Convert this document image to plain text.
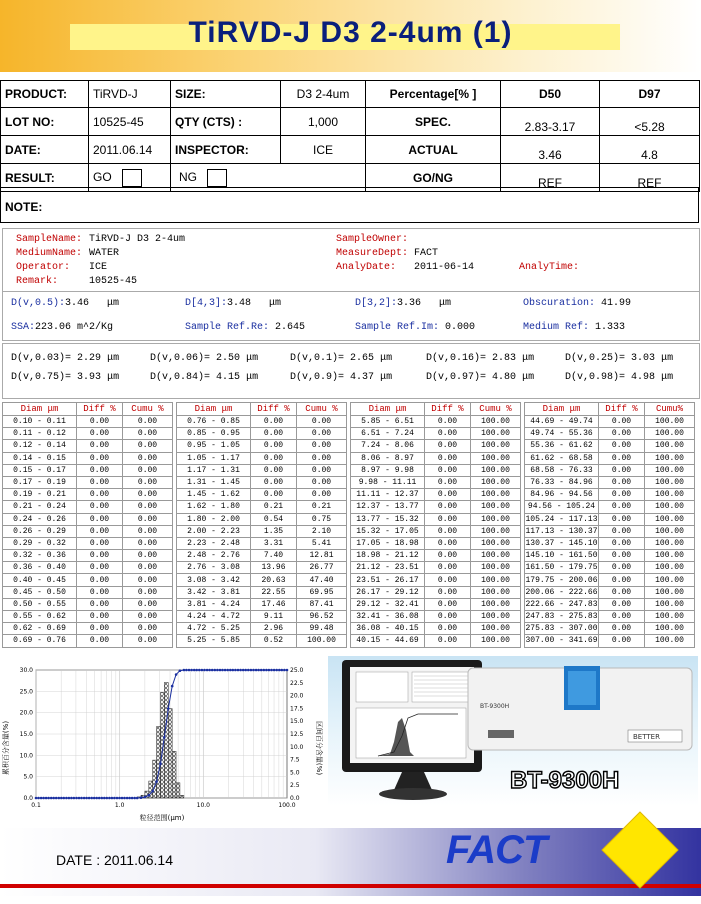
TiRVD-J D3 2-4um (1)
PRODUCT:	TiRVD-J	SIZE:	D3 2-4um	Percentage[% ]	D50	D97
LOT NO:	10525-45	QTY (CTS) :	1,000	SPEC.	2.83-3.17	<5.28
DATE:	2011.06.14	INSPECTOR:	ICE	ACTUAL	3.46	4.8
RESULT:	GO	NG		GO/NG	REF	REF
NOTE:
SampleName: TiRVD-J D3 2-4um
MediumName: WATER
Operator: ICE
Remark:	10525-45
SampleOwner:
MeasureDept: FACT
AnalyDate: 2011-06-14	AnalyTime:
D(v,0.5):3.46 μm	D[4,3]:3.48 μm	D[3,2]:3.36 μm	Obscuration: 41.99
SSA:223.06 m^2/Kg	Sample Ref.Re: 2.645	Sample Ref.Im: 0.000	Medium Ref: 1.333
D(v,0.03)= 2.29 μm	D(v,0.06)= 2.50 μm	D(v,0.1)= 2.65 μm	D(v,0.16)= 2.83 μm	D(v,0.25)= 3.03 μm
D(v,0.75)= 3.93 μm	D(v,0.84)= 4.15 μm	D(v,0.9)= 4.37 μm	D(v,0.97)= 4.80 μm	D(v,0.98)= 4.98 μm
Diam μm	Diff %	Cumu %
0.10 - 0.11	0.00	0.00
0.11 - 0.12	0.00	0.00
0.12 - 0.14	0.00	0.00
0.14 - 0.15	0.00	0.00
0.15 - 0.17	0.00	0.00
0.17 - 0.19	0.00	0.00
0.19 - 0.21	0.00	0.00
0.21 - 0.24	0.00	0.00
0.24 - 0.26	0.00	0.00
0.26 - 0.29	0.00	0.00
0.29 - 0.32	0.00	0.00
0.32 - 0.36	0.00	0.00
0.36 - 0.40	0.00	0.00
0.40 - 0.45	0.00	0.00
0.45 - 0.50	0.00	0.00
0.50 - 0.55	0.00	0.00
0.55 - 0.62	0.00	0.00
0.62 - 0.69	0.00	0.00
0.69 - 0.76	0.00	0.00
Diam μm	Diff %	Cumu %
0.76 - 0.85	0.00	0.00
0.85 - 0.95	0.00	0.00
0.95 - 1.05	0.00	0.00
1.05 - 1.17	0.00	0.00
1.17 - 1.31	0.00	0.00
1.31 - 1.45	0.00	0.00
1.45 - 1.62	0.00	0.00
1.62 - 1.80	0.21	0.21
1.80 - 2.00	0.54	0.75
2.00 - 2.23	1.35	2.10
2.23 - 2.48	3.31	5.41
2.48 - 2.76	7.40	12.81
2.76 - 3.08	13.96	26.77
3.08 - 3.42	20.63	47.40
3.42 - 3.81	22.55	69.95
3.81 - 4.24	17.46	87.41
4.24 - 4.72	9.11	96.52
4.72 - 5.25	2.96	99.48
5.25 - 5.85	0.52	100.00
Diam μm	Diff %	Cumu %
5.85 - 6.51	0.00	100.00
6.51 - 7.24	0.00	100.00
7.24 - 8.06	0.00	100.00
8.06 - 8.97	0.00	100.00
8.97 - 9.98	0.00	100.00
9.98 - 11.11	0.00	100.00
11.11 - 12.37	0.00	100.00
12.37 - 13.77	0.00	100.00
13.77 - 15.32	0.00	100.00
15.32 - 17.05	0.00	100.00
17.05 - 18.98	0.00	100.00
18.98 - 21.12	0.00	100.00
21.12 - 23.51	0.00	100.00
23.51 - 26.17	0.00	100.00
26.17 - 29.12	0.00	100.00
29.12 - 32.41	0.00	100.00
32.41 - 36.08	0.00	100.00
36.08 - 40.15	0.00	100.00
40.15 - 44.69	0.00	100.00
Diam μm	Diff %	Cumu%
44.69 - 49.74	0.00	100.00
49.74 - 55.36	0.00	100.00
55.36 - 61.62	0.00	100.00
61.62 - 68.58	0.00	100.00
68.58 - 76.33	0.00	100.00
76.33 - 84.96	0.00	100.00
84.96 - 94.56	0.00	100.00
94.56 - 105.24	0.00	100.00
105.24 - 117.13	0.00	100.00
117.13 - 130.37	0.00	100.00
130.37 - 145.10	0.00	100.00
145.10 - 161.50	0.00	100.00
161.50 - 179.75	0.00	100.00
179.75 - 200.06	0.00	100.00
200.06 - 222.66	0.00	100.00
222.66 - 247.83	0.00	100.00
247.83 - 275.83	0.00	100.00
275.83 - 307.00	0.00	100.00
307.00 - 341.69	0.00	100.00
0.0
5.0
10.0
15.0
20.0
25.0
30.0
0.0
2.5
5.0
7.5
10.0
12.5
15.0
17.5
20.0
22.5
25.0
0.1	1.0	10.0	100.0
累积百分含量(%)	区间百分含量(%)
粒径范围(μm)
BT-9300H
BETTER
BT-9300H
DATE : 2011.06.14	FACT
